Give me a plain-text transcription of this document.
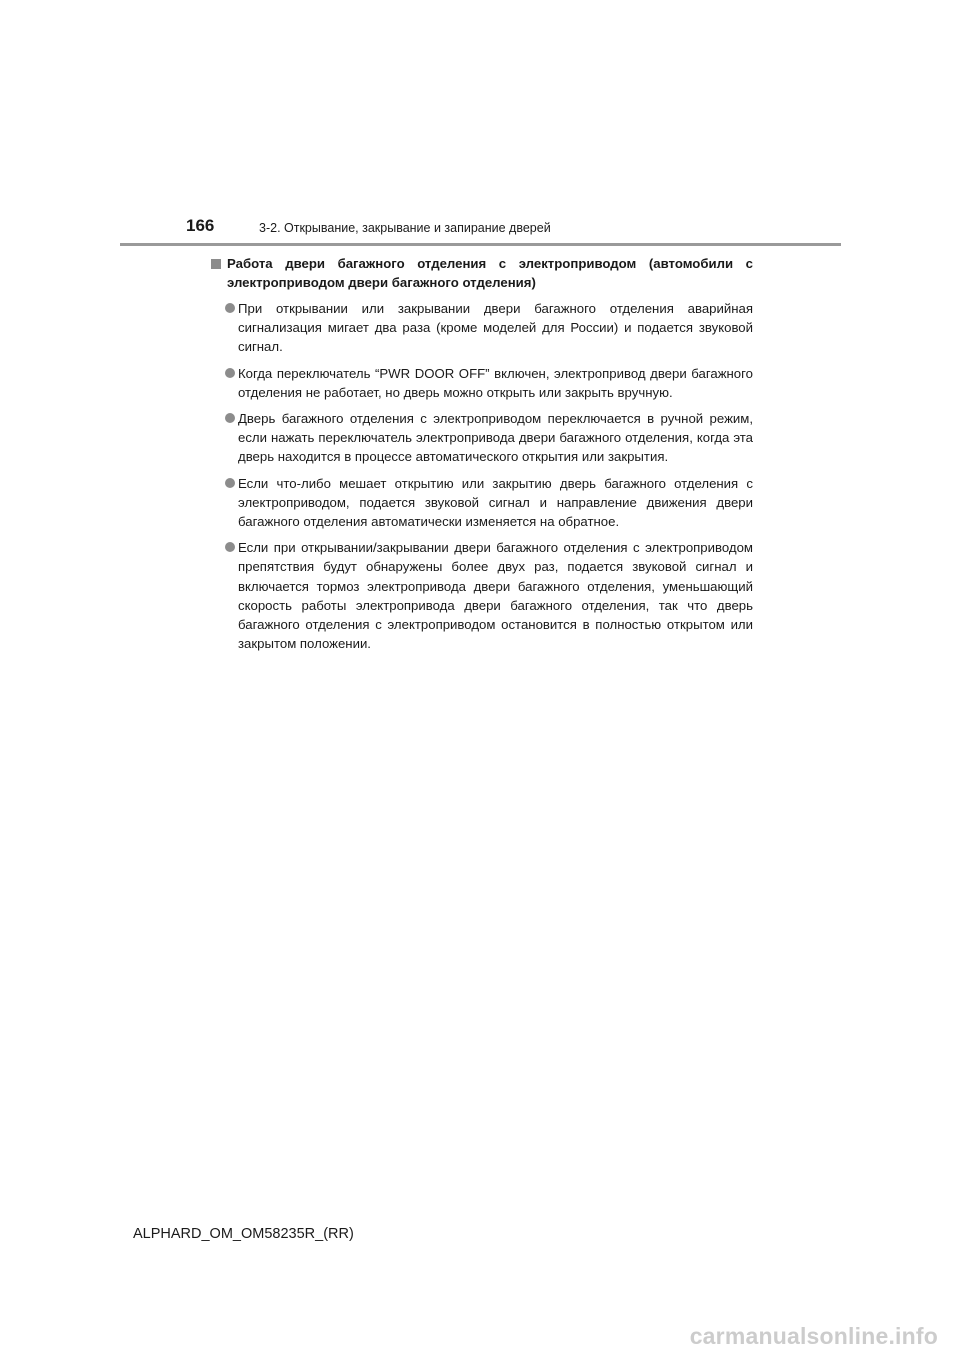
166	3-2. Открывание, закрывание и запирание дверей
Работа двери багажного отделения с электроприводом (автомобили с электроприводом двери багажного отделения)
При открывании или закрывании двери багажного отделения аварийная сигнализация мигает два раза (кроме моделей для России) и подается звуковой сигнал.
Когда переключатель “PWR DOOR OFF” включен, электропривод двери багажного отделения не работает, но дверь можно открыть или закрыть вручную.
Дверь багажного отделения с электроприводом переключается в ручной режим, если нажать переключатель электропривода двери багажного отделения, когда эта дверь находится в процессе автоматического открытия или закрытия.
Если что-либо мешает открытию или закрытию дверь багажного отделения с электроприводом, подается звуковой сигнал и направление движения двери багажного отделения автоматически изменяется на обратное.
Если при открывании/закрывании двери багажного отделения с электроприводом препятствия будут обнаружены более двух раз, подается звуковой сигнал и включается тормоз электропривода двери багажного отделения, уменьшающий скорость работы электропривода двери багажного отделения, так что дверь багажного отделения с электроприводом остановится в полностью открытом или закрытом положении.
ALPHARD_OM_OM58235R_(RR)
carmanualsonline.info
